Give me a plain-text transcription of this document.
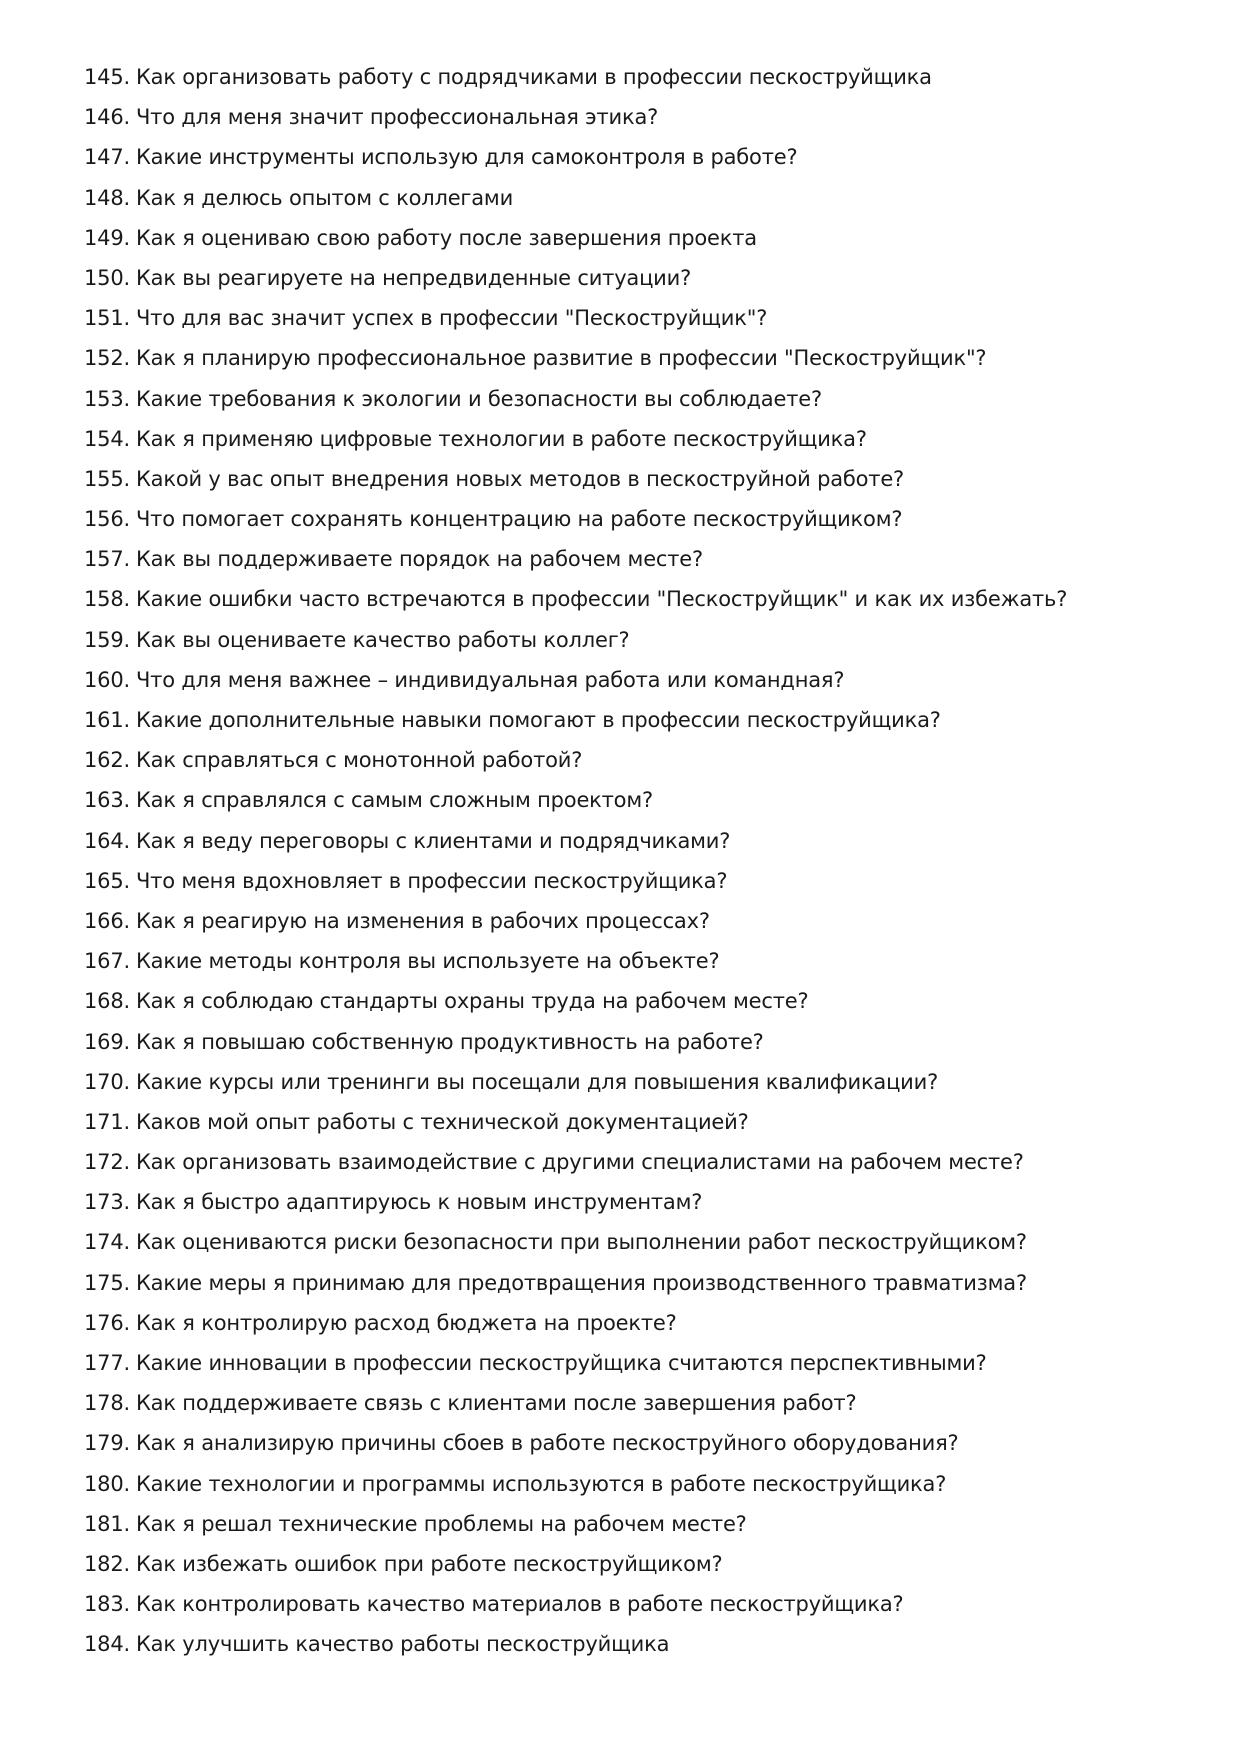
145. Как организовать работу с подрядчиками в профессии пескоструйщика
146. Что для меня значит профессиональная этика?
147. Какие инструменты использую для самоконтроля в работе?
148. Как я делюсь опытом с коллегами
149. Как я оцениваю свою работу после завершения проекта
150. Как вы реагируете на непредвиденные ситуации?
151. Что для вас значит успех в профессии "Пескоструйщик"?
152. Как я планирую профессиональное развитие в профессии "Пескоструйщик"?
153. Какие требования к экологии и безопасности вы соблюдаете?
154. Как я применяю цифровые технологии в работе пескоструйщика?
155. Какой у вас опыт внедрения новых методов в пескоструйной работе?
156. Что помогает сохранять концентрацию на работе пескоструйщиком?
157. Как вы поддерживаете порядок на рабочем месте?
158. Какие ошибки часто встречаются в профессии "Пескоструйщик" и как их избежать?
159. Как вы оцениваете качество работы коллег?
160. Что для меня важнее – индивидуальная работа или командная?
161. Какие дополнительные навыки помогают в профессии пескоструйщика?
162. Как справляться с монотонной работой?
163. Как я справлялся с самым сложным проектом?
164. Как я веду переговоры с клиентами и подрядчиками?
165. Что меня вдохновляет в профессии пескоструйщика?
166. Как я реагирую на изменения в рабочих процессах?
167. Какие методы контроля вы используете на объекте?
168. Как я соблюдаю стандарты охраны труда на рабочем месте?
169. Как я повышаю собственную продуктивность на работе?
170. Какие курсы или тренинги вы посещали для повышения квалификации?
171. Каков мой опыт работы с технической документацией?
172. Как организовать взаимодействие с другими специалистами на рабочем месте?
173. Как я быстро адаптируюсь к новым инструментам?
174. Как оцениваются риски безопасности при выполнении работ пескоструйщиком?
175. Какие меры я принимаю для предотвращения производственного травматизма?
176. Как я контролирую расход бюджета на проекте?
177. Какие инновации в профессии пескоструйщика считаются перспективными?
178. Как поддерживаете связь с клиентами после завершения работ?
179. Как я анализирую причины сбоев в работе пескоструйного оборудования?
180. Какие технологии и программы используются в работе пескоструйщика?
181. Как я решал технические проблемы на рабочем месте?
182. Как избежать ошибок при работе пескоструйщиком?
183. Как контролировать качество материалов в работе пескоструйщика?
184. Как улучшить качество работы пескоструйщика
